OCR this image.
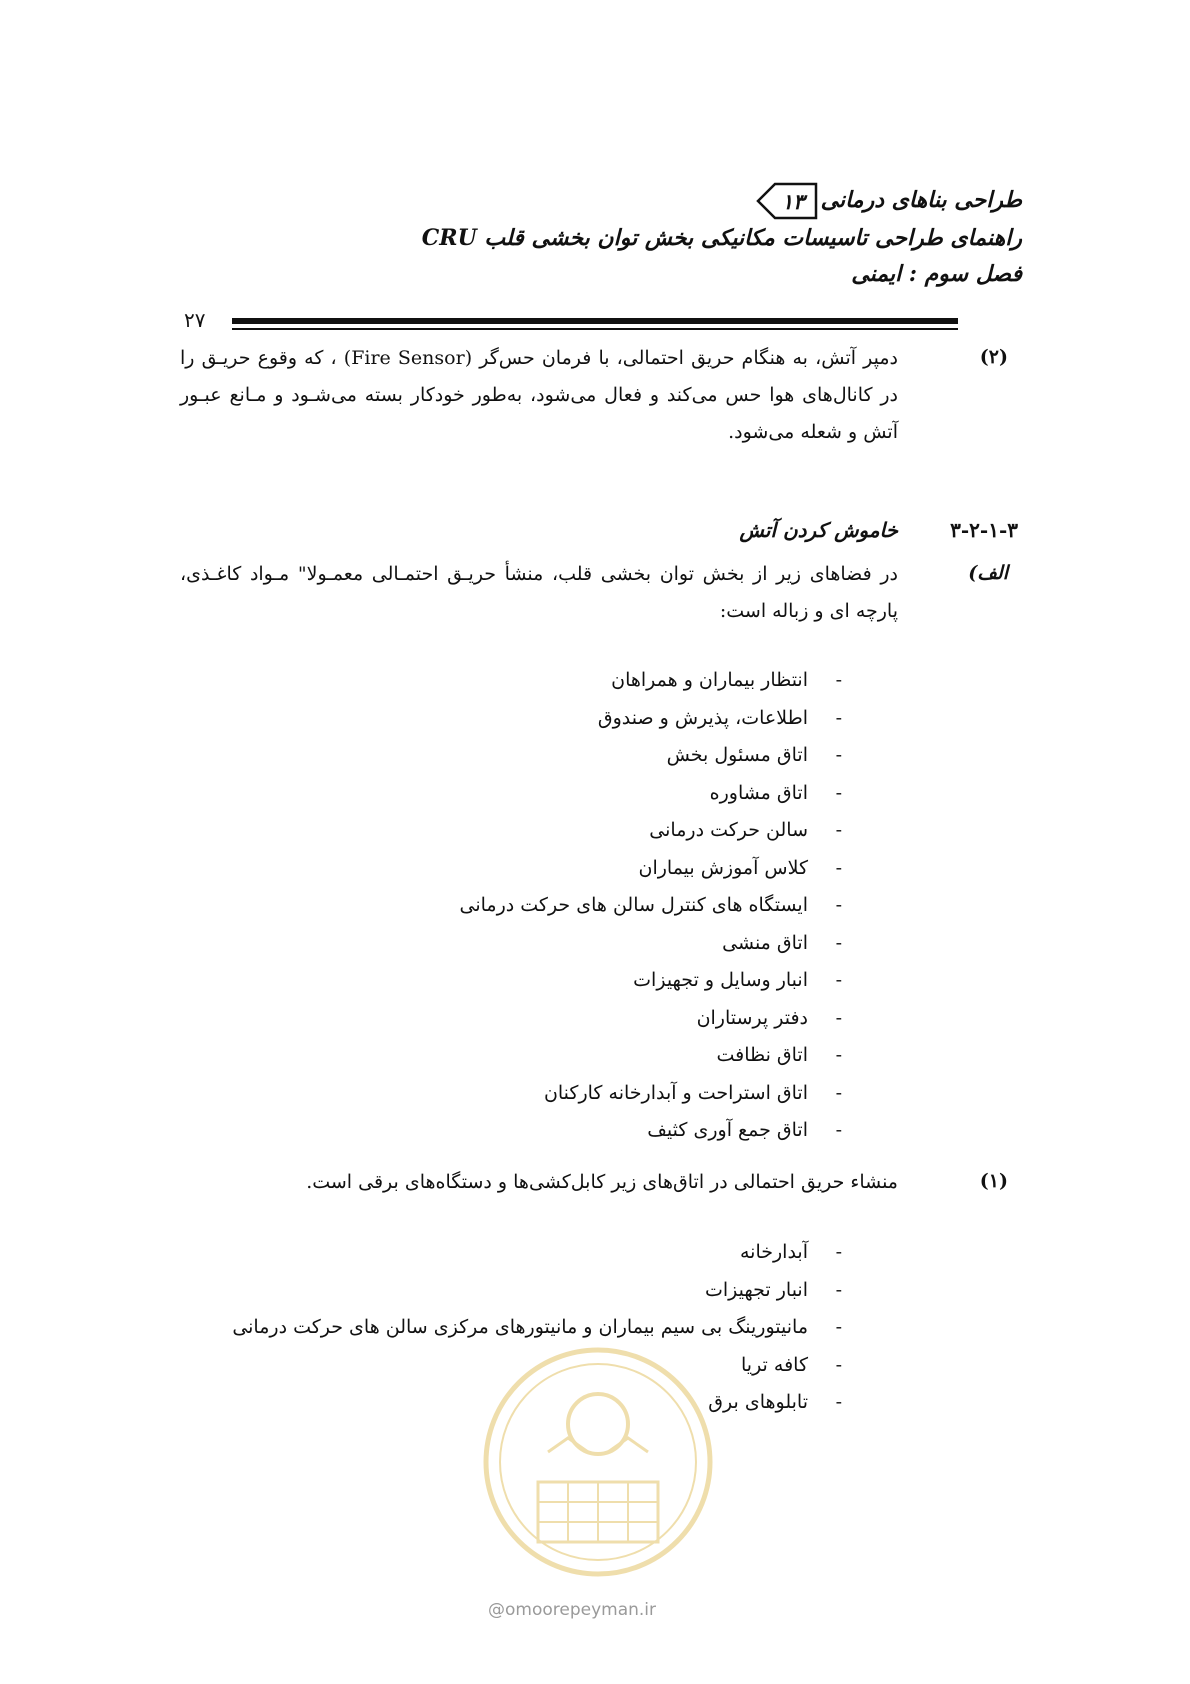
طراحی بناهای درمانی
۱۳
راهنمای طراحی تاسیسات مکانیکی بخش توان بخشی قلب CRU
فصل سوم : ایمنی
۲۷
(۲)
دمپر آتش، به هنگام حریق احتمالی، با فرمان حس‌گر (Fire Sensor) ، که وقوع حریـق را در کانال‌های هوا حس می‌کند و فعال می‌شود، به‌طور خودکار بسته می‌شـود و مـانع عبـور آتش و شعله می‌شود.
۳-۲-۱-۳
خاموش کردن آتش
الف)
در فضاهای زیر از بخش توان بخشی قلب، منشأ حریـق احتمـالی معمـولا" مـواد کاغـذی، پارچه ای و زباله است:
-انتظار بیماران و همراهان
-اطلاعات، پذیرش و صندوق
-اتاق مسئول بخش
-اتاق مشاوره
-سالن حرکت درمانی
-کلاس آموزش بیماران
-ایستگاه های کنترل سالن های حرکت درمانی
-اتاق منشی
-انبار وسایل و تجهیزات
-دفتر پرستاران
-اتاق نظافت
-اتاق استراحت و آبدارخانه کارکنان
-اتاق جمع آوری کثیف
(۱)
منشاء حریق احتمالی در اتاق‌های زیر کابل‌کشی‌ها و دستگاه‌های برقی است.
-آبدارخانه
-انبار تجهیزات
-مانیتورینگ بی سیم بیماران و مانیتورهای مرکزی سالن های حرکت درمانی
-کافه تریا
-تابلوهای برق
@omoorepeyman.ir
